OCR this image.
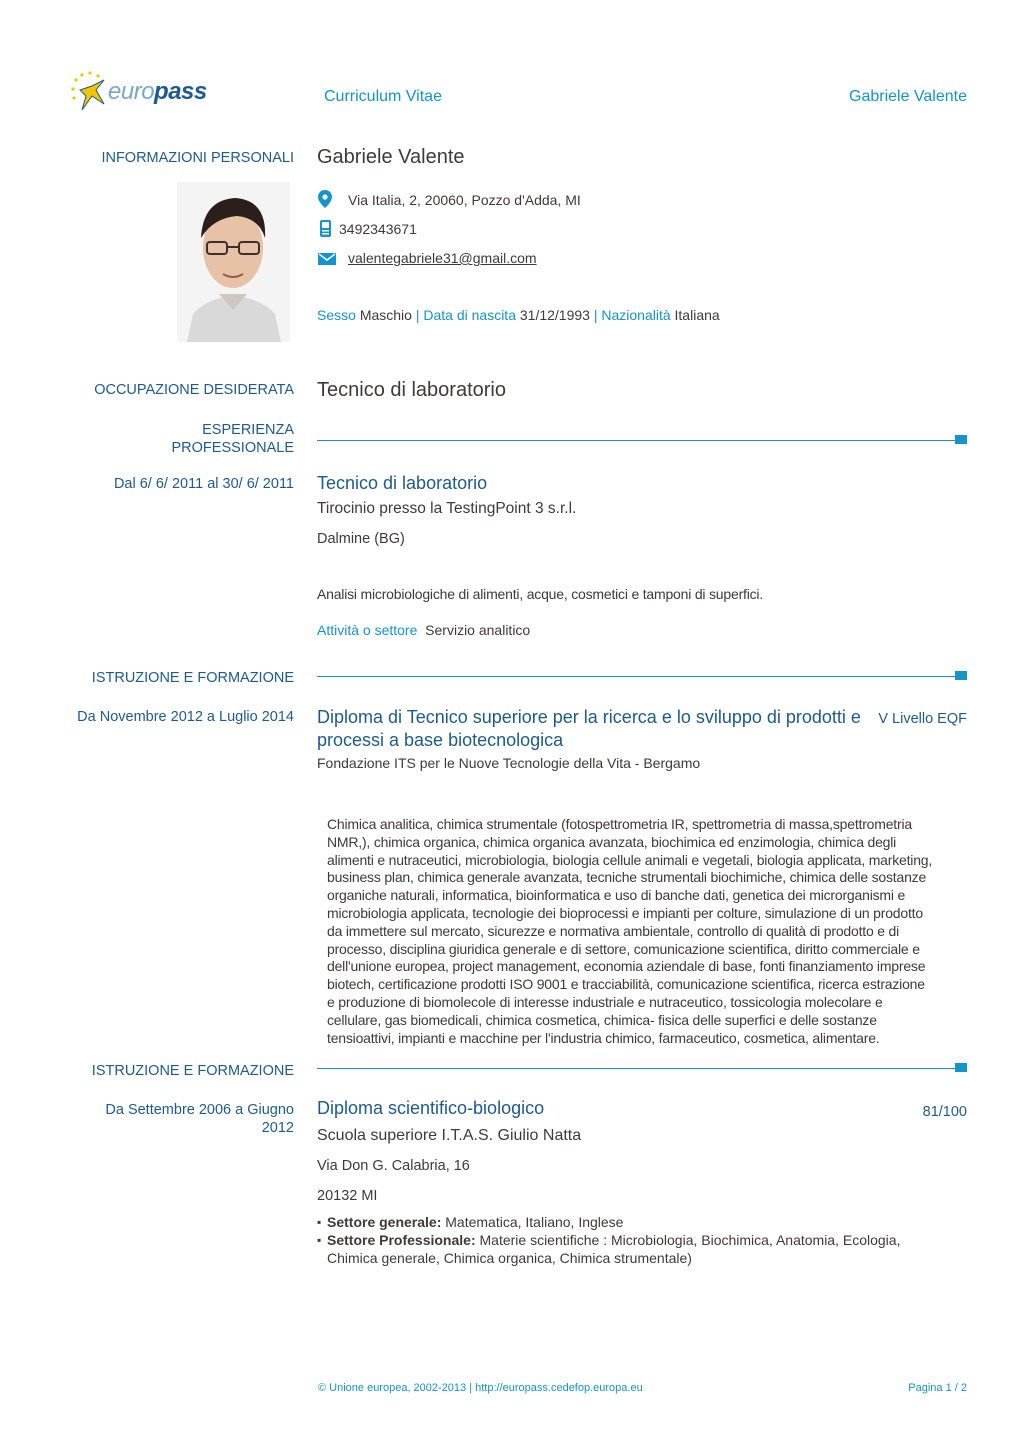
europass	Curriculum Vitae	Gabriele Valente
INFORMAZIONI PERSONALI Gabriele Valente
Via Italia, 2, 20060, Pozzo d'Adda, MI
3492343671
valentegabriele31@gmail.com
Sesso Maschio | Data di nascita 31/12/1993 | Nazionalità Italiana
OCCUPAZIONE DESIDERATA Tecnico di laboratorio
ESPERIENZA
PROFESSIONALE
Dal 6/ 6/ 2011 al 30/ 6/ 2011 Tecnico di laboratorio
Tirocinio presso la TestingPoint 3 s.r.l.
Dalmine (BG)
Analisi microbiologiche di alimenti, acque, cosmetici e tamponi di superfici.
Attività o settore Servizio analitico
ISTRUZIONE E FORMAZIONE
Da Novembre 2012 a Luglio 2014 Diploma di Tecnico superiore per la ricerca e lo sviluppo di prodotti e
processi a base biotecnologica
V Livello EQF
Fondazione ITS per le Nuove Tecnologie della Vita - Bergamo
Chimica analitica, chimica strumentale (fotospettrometria IR, spettrometria di massa,spettrometria
NMR,), chimica organica, chimica organica avanzata, biochimica ed enzimologia, chimica degli
alimenti e nutraceutici, microbiologia, biologia cellule animali e vegetali, biologia applicata, marketing,
business plan, chimica generale avanzata, tecniche strumentali biochimiche, chimica delle sostanze
organiche naturali, informatica, bioinformatica e uso di banche dati, genetica dei microrganismi e
microbiologia applicata, tecnologie dei bioprocessi e impianti per colture, simulazione di un prodotto
da immettere sul mercato, sicurezze e normativa ambientale, controllo di qualità di prodotto e di
processo, disciplina giuridica generale e di settore, comunicazione scientifica, diritto commerciale e
dell'unione europea, project management, economia aziendale di base, fonti finanziamento imprese
biotech, certificazione prodotti ISO 9001 e tracciabilità, comunicazione scientifica, ricerca estrazione
e produzione di biomolecole di interesse industriale e nutraceutico, tossicologia molecolare e
cellulare, gas biomedicali, chimica cosmetica, chimica- fisica delle superfici e delle sostanze
tensioattivi, impianti e macchine per l'industria chimico, farmaceutico, cosmetica, alimentare.
ISTRUZIONE E FORMAZIONE
Da Settembre 2006 a Giugno
2012
Diploma scientifico-biologico	81/100
Scuola superiore I.T.A.S. Giulio Natta
Via Don G. Calabria, 16
20132 MI
▪ Settore generale: Matematica, Italiano, Inglese
▪ Settore Professionale: Materie scientifiche : Microbiologia, Biochimica, Anatomia, Ecologia,
Chimica generale, Chimica organica, Chimica strumentale)
© Unione europea, 2002-2013 | http://europass.cedefop.europa.eu	Pagina 1 / 2
